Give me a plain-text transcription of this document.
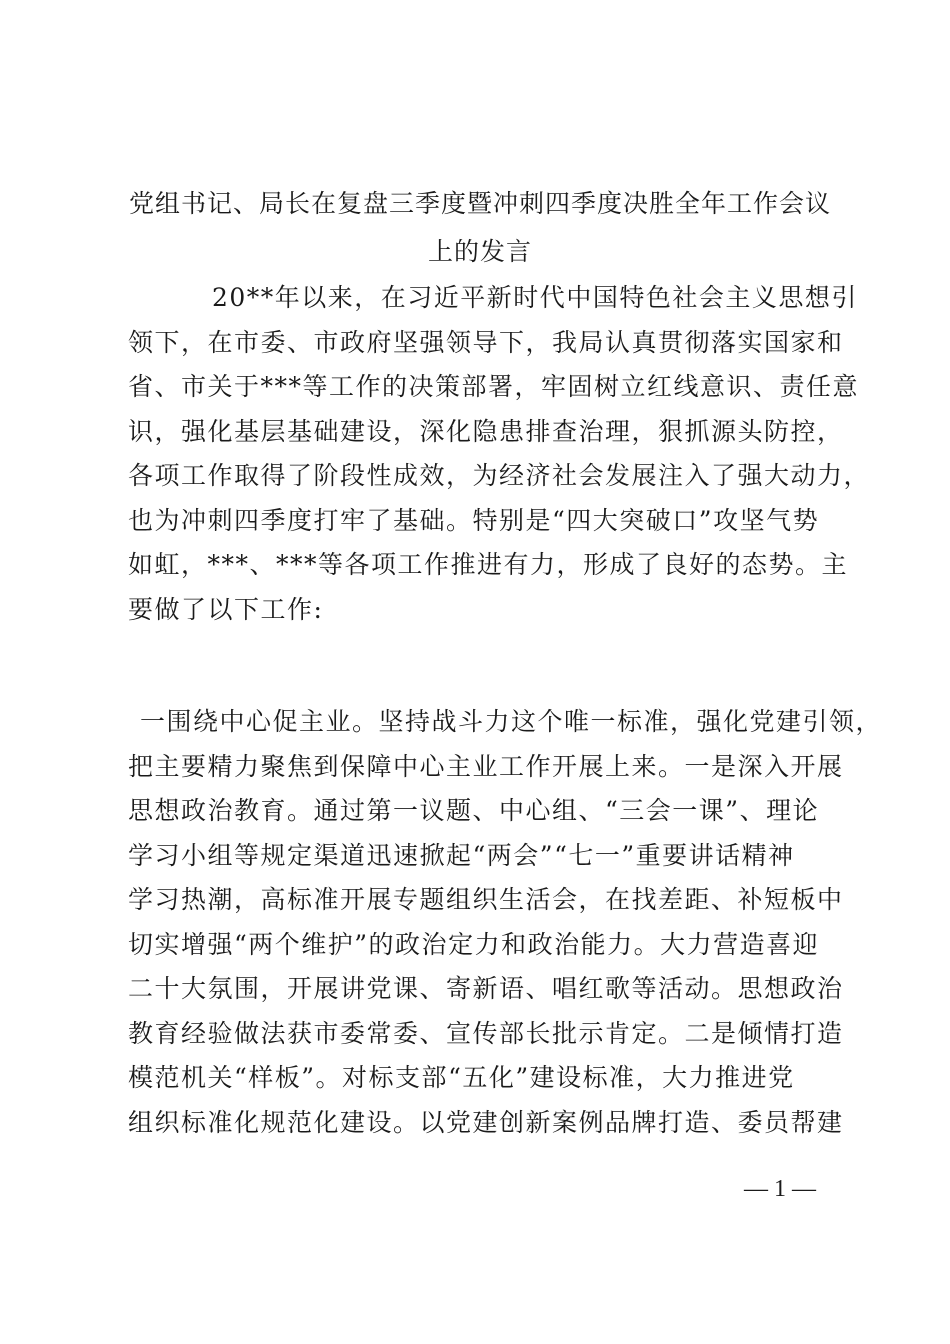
党组书记、局长在复盘三季度暨冲刺四季度决胜全年工作会议
上的发言

20**年以来，在习近平新时代中国特色社会主义思想引

领下，在市委、市政府坚强领导下，我局认真贯彻落实国家和

省、市关于***等工作的决策部署，牢固树立红线意识、责任意

识，强化基层基础建设，深化隐患排查治理，狠抓源头防控，

各项工作取得了阶段性成效，为经济社会发展注入了强大动力，

也为冲刺四季度打牢了基础。特别是“四大突破口”攻坚气势

如虹，***、***等各项工作推进有力，形成了良好的态势。主

要做了以下工作:

一围绕中心促主业。坚持战斗力这个唯一标准，强化党建引领，

把主要精力聚焦到保障中心主业工作开展上来。一是深入开展

思想政治教育。通过第一议题、中心组、“三会一课”、理论

学习小组等规定渠道迅速掀起“两会”“七一”重要讲话精神

学习热潮，高标准开展专题组织生活会，在找差距、补短板中

切实增强“两个维护”的政治定力和政治能力。大力营造喜迎

二十大氛围，开展讲党课、寄新语、唱红歌等活动。思想政治

教育经验做法获市委常委、宣传部长批示肯定。二是倾情打造

模范机关“样板”。对标支部“五化”建设标准，大力推进党

组织标准化规范化建设。以党建创新案例品牌打造、委员帮建

— 1 —
